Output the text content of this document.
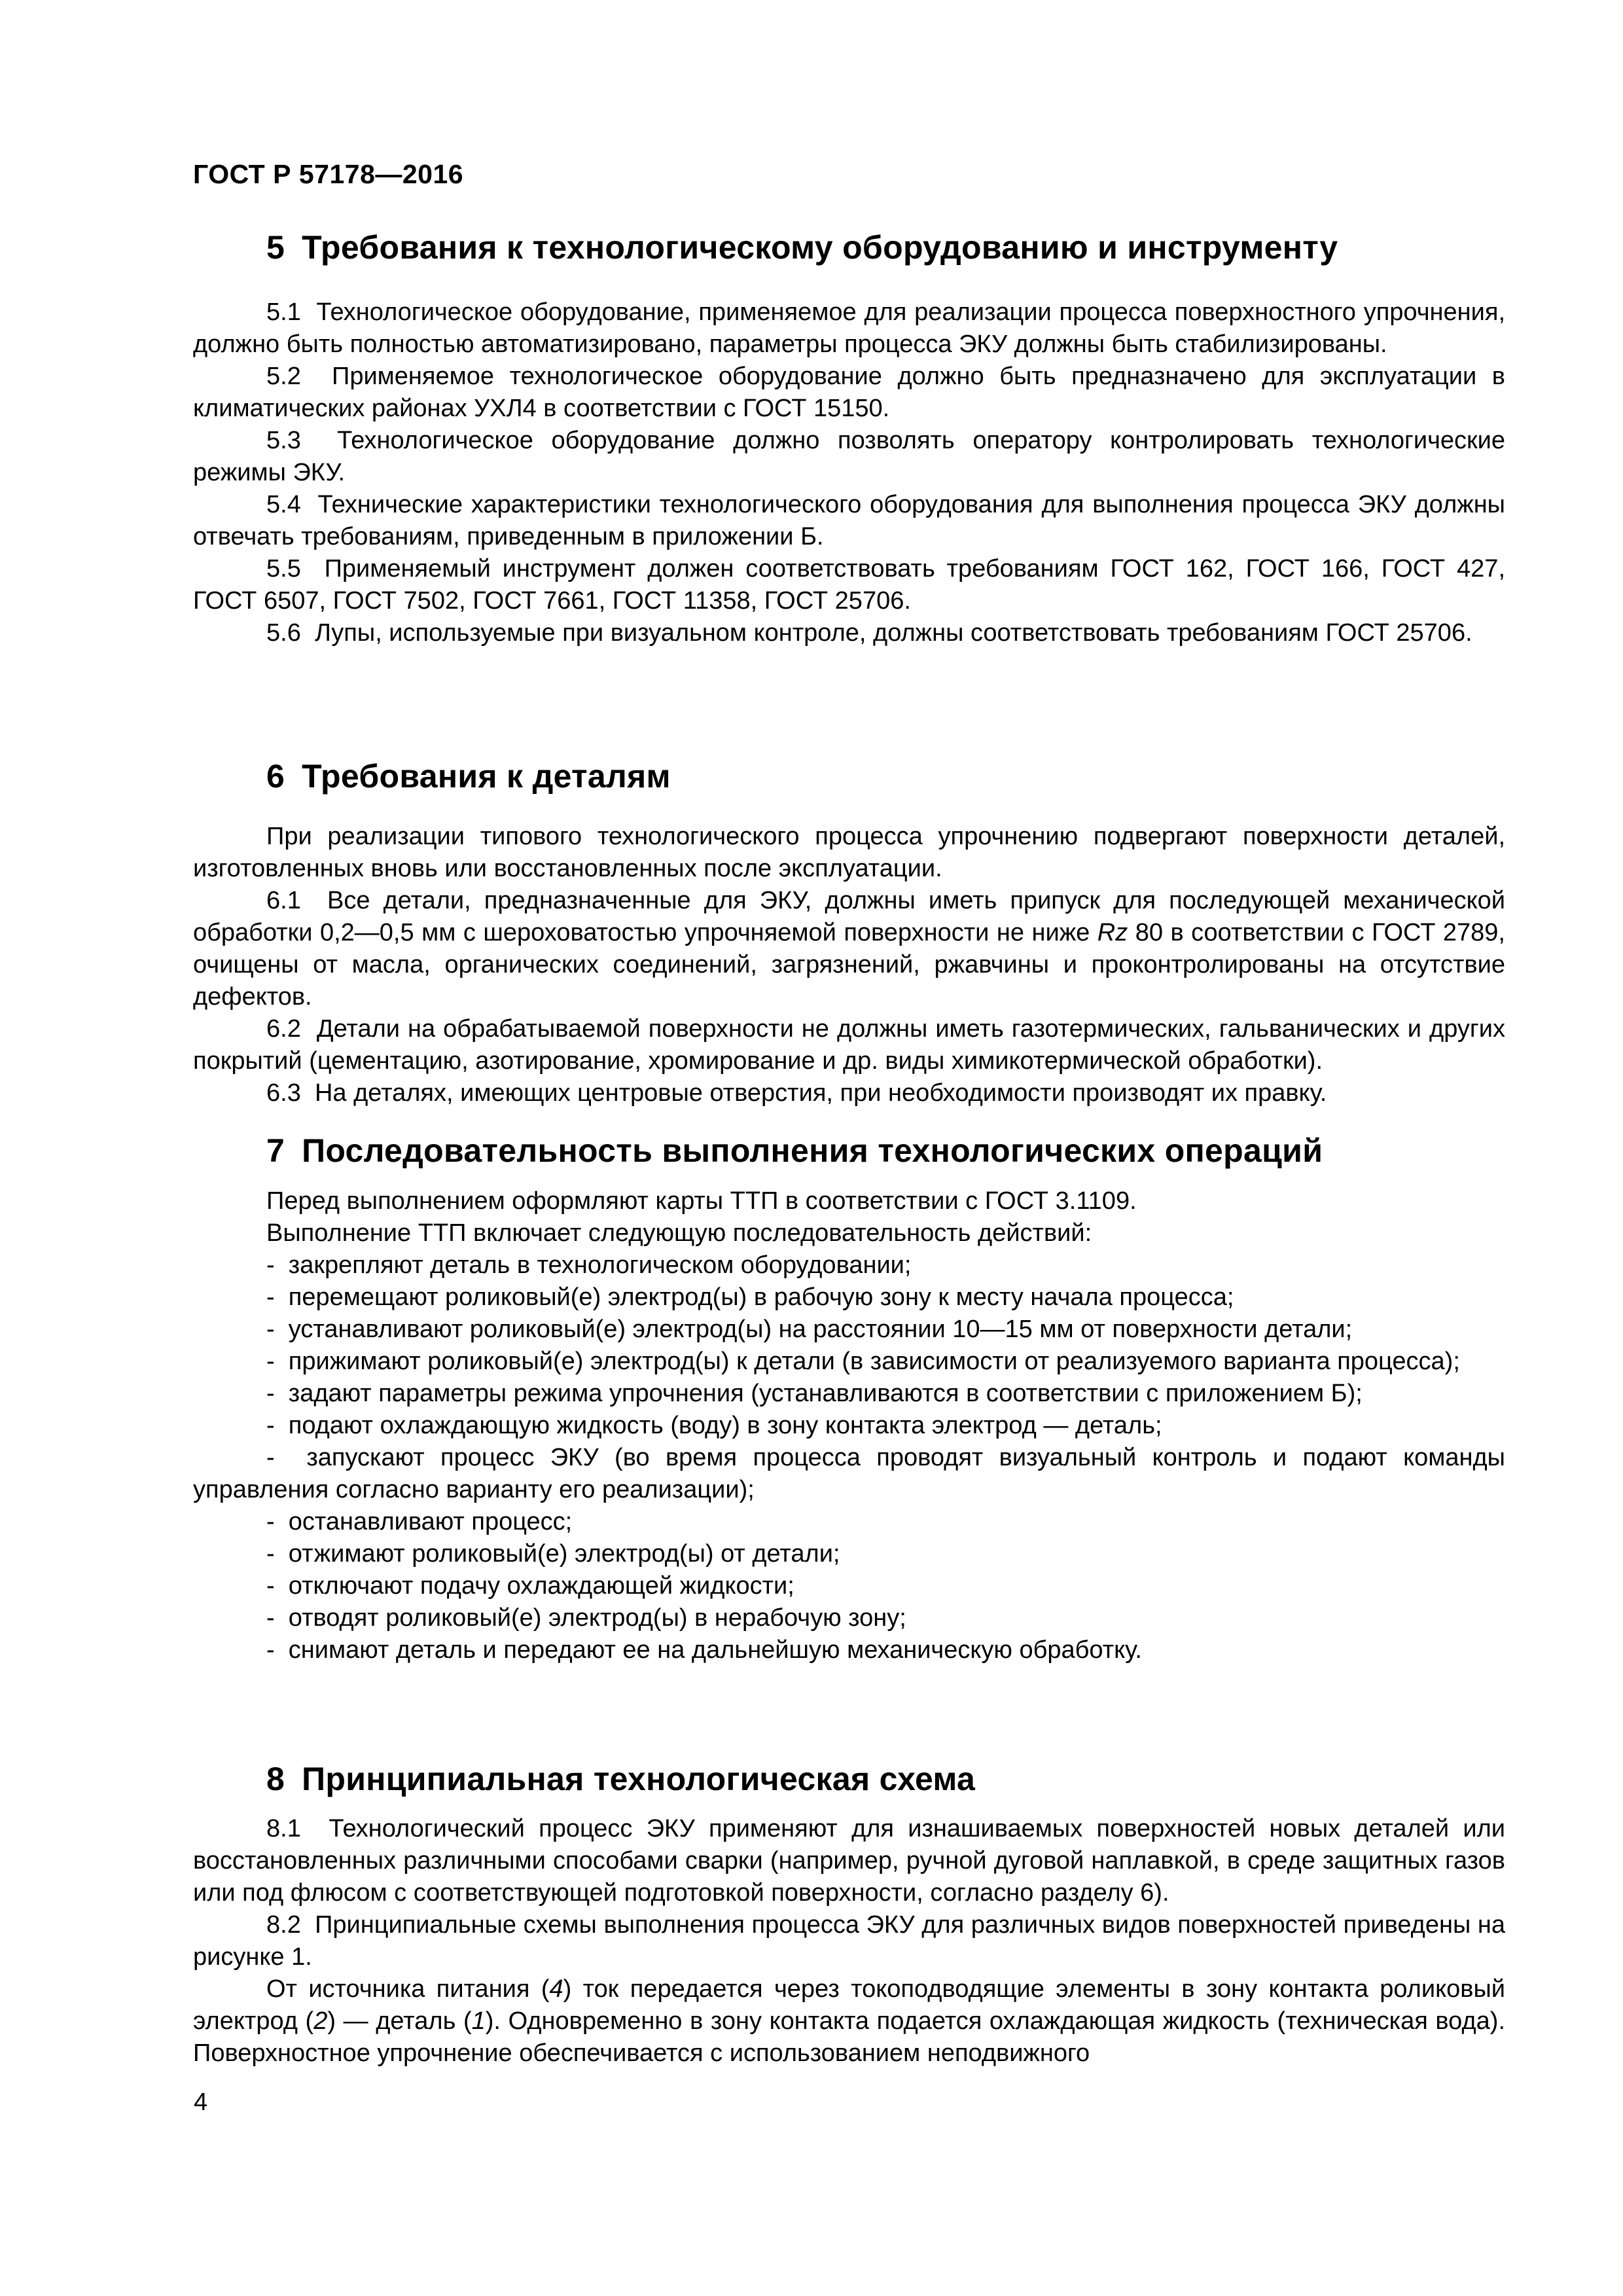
ГОСТ Р 57178—2016
5 Требования к технологическому оборудованию и инструменту

5.1  Технологическое оборудование, применяемое для реализации процесса поверхностного упрочнения, должно быть полностью автоматизировано, параметры процесса ЭКУ должны быть стабилизированы.

5.2  Применяемое технологическое оборудование должно быть предназначено для эксплуатации в климатических районах УХЛ4 в соответствии с ГОСТ 15150.

5.3  Технологическое оборудование должно позволять оператору контролировать технологические режимы ЭКУ.

5.4  Технические характеристики технологического оборудования для выполнения процесса ЭКУ должны отвечать требованиям, приведенным в приложении Б.

5.5  Применяемый инструмент должен соответствовать требованиям ГОСТ 162, ГОСТ 166, ГОСТ 427, ГОСТ 6507, ГОСТ 7502, ГОСТ 7661, ГОСТ 11358, ГОСТ 25706.

5.6  Лупы, используемые при визуальном контроле, должны соответствовать требованиям ГОСТ 25706.

6 Требования к деталям

При реализации типового технологического процесса упрочнению подвергают поверхности деталей, изготовленных вновь или восстановленных после эксплуатации.

6.1  Все детали, предназначенные для ЭКУ, должны иметь припуск для последующей механической обработки 0,2—0,5 мм с шероховатостью упрочняемой поверхности не ниже Rz 80 в соответствии с ГОСТ 2789, очищены от масла, органических соединений, загрязнений, ржавчины и проконтролированы на отсутствие дефектов.

6.2  Детали на обрабатываемой поверхности не должны иметь газотермических, гальванических и других покрытий (цементацию, азотирование, хромирование и др. виды химикотермической обработки).

6.3  На деталях, имеющих центровые отверстия, при необходимости производят их правку.

7 Последовательность выполнения технологических операций

Перед выполнением оформляют карты ТТП в соответствии с ГОСТ 3.1109.

Выполнение ТТП включает следующую последовательность действий:

-  закрепляют деталь в технологическом оборудовании;

-  перемещают роликовый(е) электрод(ы) в рабочую зону к месту начала процесса;

-  устанавливают роликовый(е) электрод(ы) на расстоянии 10—15 мм от поверхности детали;

-  прижимают роликовый(е) электрод(ы) к детали (в зависимости от реализуемого варианта процесса);

-  задают параметры режима упрочнения (устанавливаются в соответствии с приложением Б);

-  подают охлаждающую жидкость (воду) в зону контакта электрод — деталь;

-  запускают процесс ЭКУ (во время процесса проводят визуальный контроль и подают команды управления согласно варианту его реализации);

-  останавливают процесс;

-  отжимают роликовый(е) электрод(ы) от детали;

-  отключают подачу охлаждающей жидкости;

-  отводят роликовый(е) электрод(ы) в нерабочую зону;

-  снимают деталь и передают ее на дальнейшую механическую обработку.

8 Принципиальная технологическая схема

8.1  Технологический процесс ЭКУ применяют для изнашиваемых поверхностей новых деталей или восстановленных различными способами сварки (например, ручной дуговой наплавкой, в среде защитных газов или под флюсом с соответствующей подготовкой поверхности, согласно разделу 6).

8.2  Принципиальные схемы выполнения процесса ЭКУ для различных видов поверхностей приведены на рисунке 1.

От источника питания (4) ток передается через токоподводящие элементы в зону контакта роликовый электрод (2) — деталь (1). Одновременно в зону контакта подается охлаждающая жидкость (техническая вода). Поверхностное упрочнение обеспечивается с использованием неподвижного

4
